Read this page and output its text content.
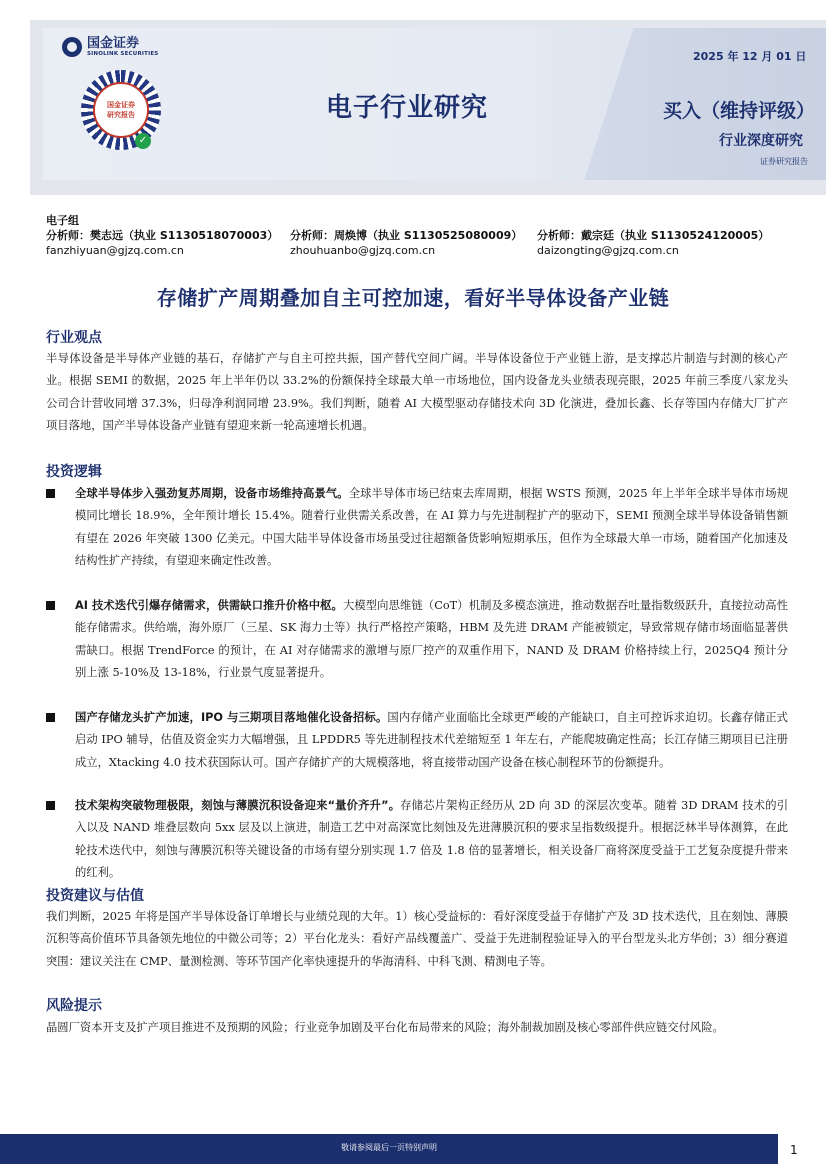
国金证券
SINOLINK SECURITIES
国金证券
研究报告
✓
2025 年 12 月 01 日
电子行业研究	买入（维持评级）
行业深度研究
证券研究报告
电子组
分析师：樊志远（执业 S1130518070003）
fanzhiyuan@gjzq.com.cn
分析师：周焕博（执业 S1130525080009）
zhouhuanbo@gjzq.com.cn
分析师：戴宗廷（执业 S1130524120005）
daizongting@gjzq.com.cn
存储扩产周期叠加自主可控加速，看好半导体设备产业链
行业观点
半导体设备是半导体产业链的基石，存储扩产与自主可控共振，国产替代空间广阔。半导体设备位于产业链上游，是支撑芯片制造与封测的核心产业。根据 SEMI 的数据，2025 年上半年仍以 33.2%的份额保持全球最大单一市场地位，国内设备龙头业绩表现亮眼，2025 年前三季度八家龙头公司合计营收同增 37.3%，归母净利润同增 23.9%。我们判断，随着 AI 大模型驱动存储技术向 3D 化演进，叠加长鑫、长存等国内存储大厂扩产项目落地，国产半导体设备产业链有望迎来新一轮高速增长机遇。
投资逻辑
全球半导体步入强劲复苏周期，设备市场维持高景气。全球半导体市场已结束去库周期，根据 WSTS 预测，2025 年上半年全球半导体市场规模同比增长 18.9%，全年预计增长 15.4%。随着行业供需关系改善，在 AI 算力与先进制程扩产的驱动下，SEMI 预测全球半导体设备销售额有望在 2026 年突破 1300 亿美元。中国大陆半导体设备市场虽受过往超额备货影响短期承压，但作为全球最大单一市场，随着国产化加速及结构性扩产持续，有望迎来确定性改善。
AI 技术迭代引爆存储需求，供需缺口推升价格中枢。大模型向思维链（CoT）机制及多模态演进，推动数据吞吐量指数级跃升，直接拉动高性能存储需求。供给端，海外原厂（三星、SK 海力士等）执行严格控产策略，HBM 及先进 DRAM 产能被锁定，导致常规存储市场面临显著供需缺口。根据 TrendForce 的预计，在 AI 对存储需求的激增与原厂控产的双重作用下，NAND 及 DRAM 价格持续上行，2025Q4 预计分别上涨 5-10%及 13-18%，行业景气度显著提升。
国产存储龙头扩产加速，IPO 与三期项目落地催化设备招标。国内存储产业面临比全球更严峻的产能缺口，自主可控诉求迫切。长鑫存储正式启动 IPO 辅导，估值及资金实力大幅增强，且 LPDDR5 等先进制程技术代差缩短至 1 年左右，产能爬坡确定性高；长江存储三期项目已注册成立，Xtacking 4.0 技术获国际认可。国产存储扩产的大规模落地，将直接带动国产设备在核心制程环节的份额提升。
技术架构突破物理极限，刻蚀与薄膜沉积设备迎来“量价齐升”。存储芯片架构正经历从 2D 向 3D 的深层次变革。随着 3D DRAM 技术的引入以及 NAND 堆叠层数向 5xx 层及以上演进，制造工艺中对高深宽比刻蚀及先进薄膜沉积的要求呈指数级提升。根据泛林半导体测算，在此轮技术迭代中，刻蚀与薄膜沉积等关键设备的市场有望分别实现 1.7 倍及 1.8 倍的显著增长，相关设备厂商将深度受益于工艺复杂度提升带来的红利。
投资建议与估值
我们判断，2025 年将是国产半导体设备订单增长与业绩兑现的大年。1）核心受益标的：看好深度受益于存储扩产及 3D 技术迭代，且在刻蚀、薄膜沉积等高价值环节具备领先地位的中微公司等；2）平台化龙头：看好产品线覆盖广、受益于先进制程验证导入的平台型龙头北方华创；3）细分赛道突围：建议关注在 CMP、量测检测、等环节国产化率快速提升的华海清科、中科飞测、精测电子等。
风险提示
晶圆厂资本开支及扩产项目推进不及预期的风险；行业竞争加剧及平台化布局带来的风险；海外制裁加剧及核心零部件供应链交付风险。
敬请参阅最后一页特别声明	1
